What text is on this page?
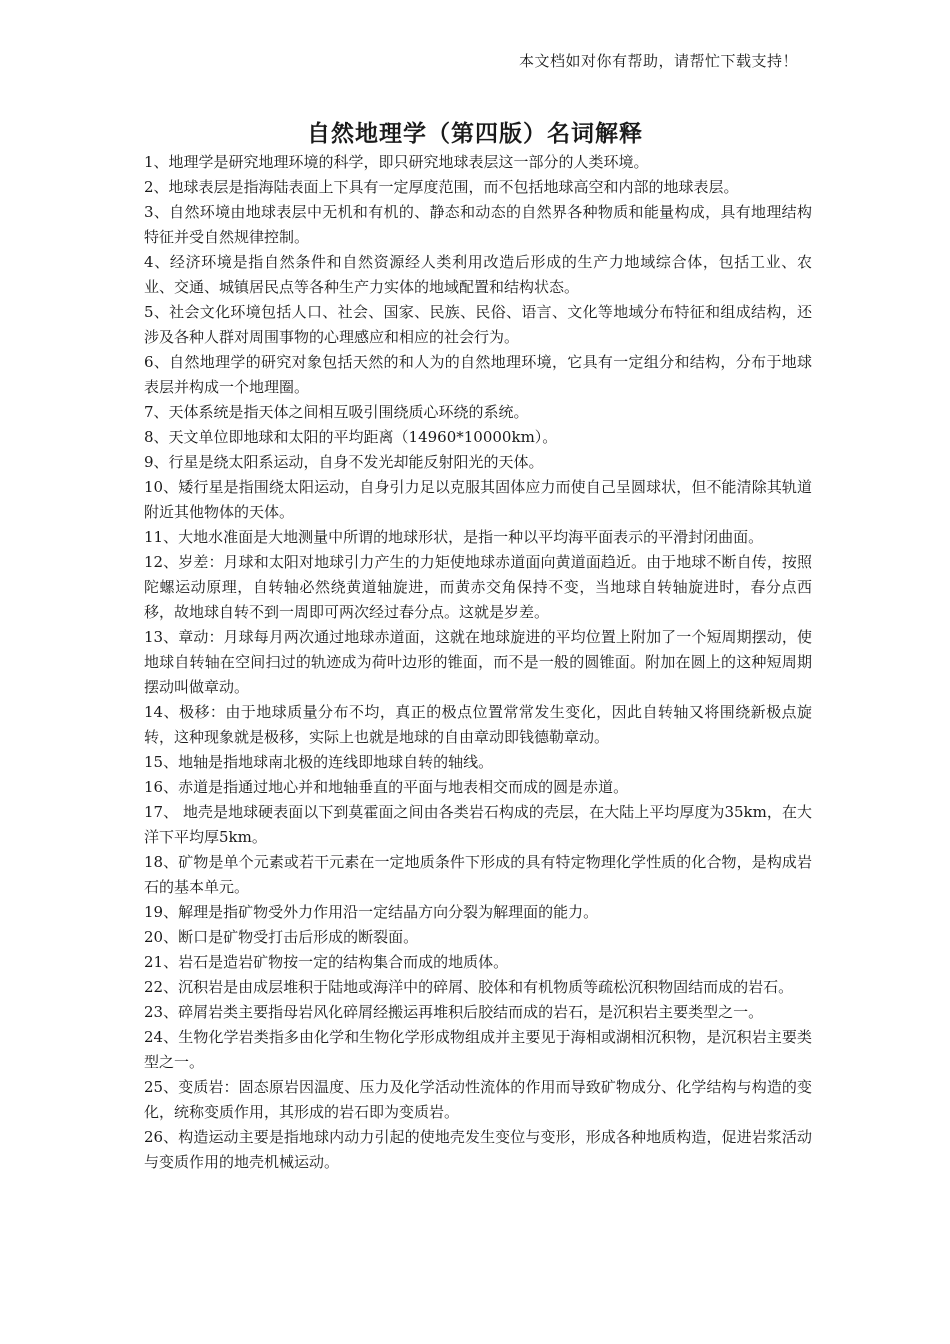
本文档如对你有帮助，请帮忙下载支持！
自然地理学（第四版）名词解释

1、地理学是研究地理环境的科学，即只研究地球表层这一部分的人类环境。

2、地球表层是指海陆表面上下具有一定厚度范围，而不包括地球高空和内部的地球表层。

3、自然环境由地球表层中无机和有机的、静态和动态的自然界各种物质和能量构成，具有地理结构特征并受自然规律控制。

4、经济环境是指自然条件和自然资源经人类利用改造后形成的生产力地域综合体，包括工业、农业、交通、城镇居民点等各种生产力实体的地域配置和结构状态。

5、社会文化环境包括人口、社会、国家、民族、民俗、语言、文化等地域分布特征和组成结构，还涉及各种人群对周围事物的心理感应和相应的社会行为。

6、自然地理学的研究对象包括天然的和人为的自然地理环境，它具有一定组分和结构，分布于地球表层并构成一个地理圈。

7、天体系统是指天体之间相互吸引围绕质心环绕的系统。

8、天文单位即地球和太阳的平均距离（14960*10000km）。

9、行星是绕太阳系运动，自身不发光却能反射阳光的天体。

10、矮行星是指围绕太阳运动，自身引力足以克服其固体应力而使自己呈圆球状，但不能清除其轨道附近其他物体的天体。

11、大地水准面是大地测量中所谓的地球形状，是指一种以平均海平面表示的平滑封闭曲面。

12、岁差：月球和太阳对地球引力产生的力矩使地球赤道面向黄道面趋近。由于地球不断自传，按照陀螺运动原理，自转轴必然绕黄道轴旋进，而黄赤交角保持不变，当地球自转轴旋进时，春分点西移，故地球自转不到一周即可两次经过春分点。这就是岁差。

13、章动：月球每月两次通过地球赤道面，这就在地球旋进的平均位置上附加了一个短周期摆动，使地球自转轴在空间扫过的轨迹成为荷叶边形的锥面，而不是一般的圆锥面。附加在圆上的这种短周期摆动叫做章动。

14、极移：由于地球质量分布不均，真正的极点位置常常发生变化，因此自转轴又将围绕新极点旋转，这种现象就是极移，实际上也就是地球的自由章动即钱德勒章动。

15、地轴是指地球南北极的连线即地球自转的轴线。

16、赤道是指通过地心并和地轴垂直的平面与地表相交而成的圆是赤道。

17、 地壳是地球硬表面以下到莫霍面之间由各类岩石构成的壳层，在大陆上平均厚度为35km，在大洋下平均厚5km。

18、矿物是单个元素或若干元素在一定地质条件下形成的具有特定物理化学性质的化合物，是构成岩石的基本单元。

19、解理是指矿物受外力作用沿一定结晶方向分裂为解理面的能力。

20、断口是矿物受打击后形成的断裂面。

21、岩石是造岩矿物按一定的结构集合而成的地质体。

22、沉积岩是由成层堆积于陆地或海洋中的碎屑、胶体和有机物质等疏松沉积物固结而成的岩石。

23、碎屑岩类主要指母岩风化碎屑经搬运再堆积后胶结而成的岩石，是沉积岩主要类型之一。

24、生物化学岩类指多由化学和生物化学形成物组成并主要见于海相或湖相沉积物，是沉积岩主要类型之一。

25、变质岩：固态原岩因温度、压力及化学活动性流体的作用而导致矿物成分、化学结构与构造的变化，统称变质作用，其形成的岩石即为变质岩。

26、构造运动主要是指地球内动力引起的使地壳发生变位与变形，形成各种地质构造，促进岩浆活动与变质作用的地壳机械运动。
